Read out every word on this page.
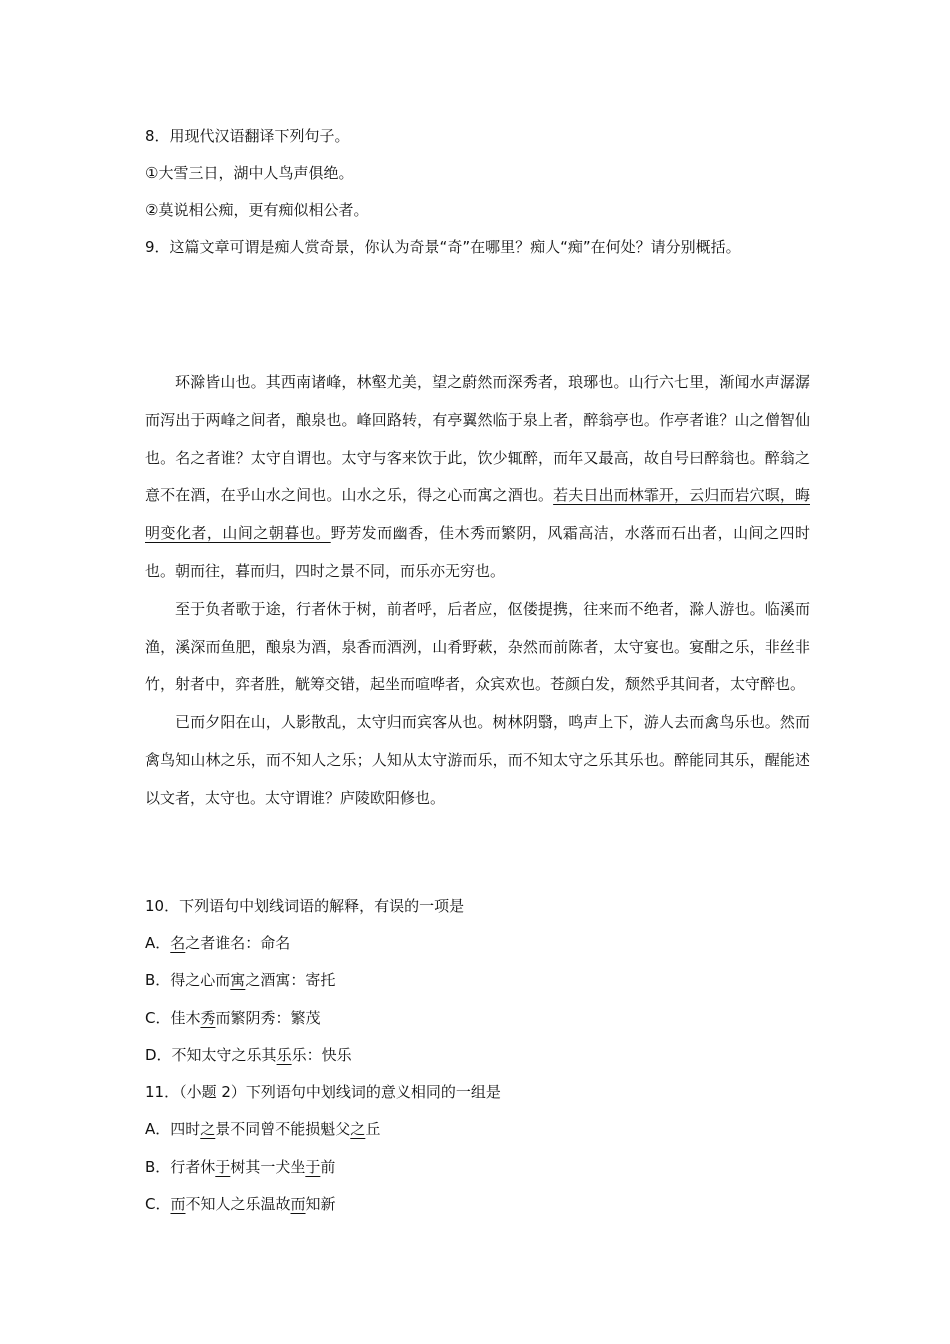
8．用现代汉语翻译下列句子。
①大雪三日，湖中人鸟声俱绝。
②莫说相公痴，更有痴似相公者。
9．这篇文章可谓是痴人赏奇景，你认为奇景“奇”在哪里？痴人“痴”在何处？请分别概括。

环滁皆山也。其西南诸峰，林壑尤美，望之蔚然而深秀者，琅琊也。山行六七里，渐闻水声潺潺而泻出于两峰之间者，酿泉也。峰回路转，有亭翼然临于泉上者，醉翁亭也。作亭者谁？山之僧智仙也。名之者谁？太守自谓也。太守与客来饮于此，饮少辄醉，而年又最高，故自号曰醉翁也。醉翁之意不在酒，在乎山水之间也。山水之乐，得之心而寓之酒也。若夫日出而林霏开，云归而岩穴暝，晦明变化者，山间之朝暮也。野芳发而幽香，佳木秀而繁阴，风霜高洁，水落而石出者，山间之四时也。朝而往，暮而归，四时之景不同，而乐亦无穷也。

至于负者歌于途，行者休于树，前者呼，后者应，伛偻提携，往来而不绝者，滁人游也。临溪而渔，溪深而鱼肥，酿泉为酒，泉香而酒洌，山肴野蔌，杂然而前陈者，太守宴也。宴酣之乐，非丝非竹，射者中，弈者胜，觥筹交错，起坐而喧哗者，众宾欢也。苍颜白发，颓然乎其间者，太守醉也。

已而夕阳在山，人影散乱，太守归而宾客从也。树林阴翳，鸣声上下，游人去而禽鸟乐也。然而禽鸟知山林之乐，而不知人之乐；人知从太守游而乐，而不知太守之乐其乐也。醉能同其乐，醒能述以文者，太守也。太守谓谁？庐陵欧阳修也。

10．下列语句中划线词语的解释，有误的一项是
A．名之者谁名：命名
B．得之心而寓之酒寓：寄托
C．佳木秀而繁阴秀：繁茂
D．不知太守之乐其乐乐：快乐
11．（小题 2）下列语句中划线词的意义相同的一组是
A．四时之景不同曾不能损魁父之丘
B．行者休于树其一犬坐于前
C．而不知人之乐温故而知新
